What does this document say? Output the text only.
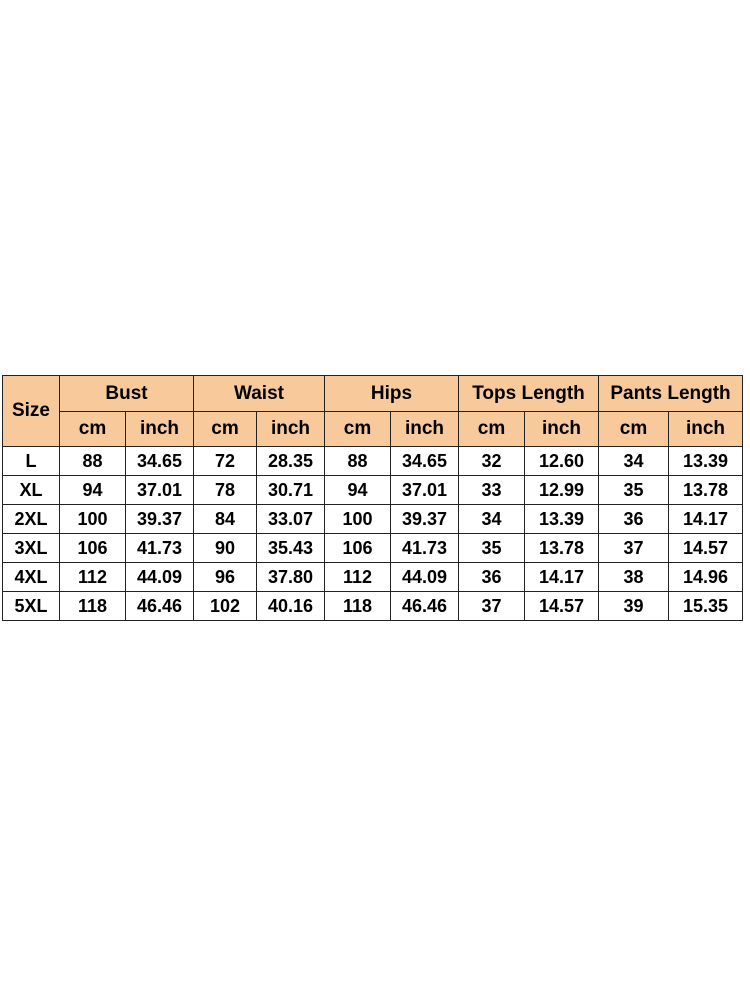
Size	Bust		Waist		Hips		Tops Length		Pants Length	
	cm	inch	cm	inch	cm	inch	cm	inch	cm	inch
L	88	34.65	72	28.35	88	34.65	32	12.60	34	13.39
XL	94	37.01	78	30.71	94	37.01	33	12.99	35	13.78
2XL	100	39.37	84	33.07	100	39.37	34	13.39	36	14.17
3XL	106	41.73	90	35.43	106	41.73	35	13.78	37	14.57
4XL	112	44.09	96	37.80	112	44.09	36	14.17	38	14.96
5XL	118	46.46	102	40.16	118	46.46	37	14.57	39	15.35
